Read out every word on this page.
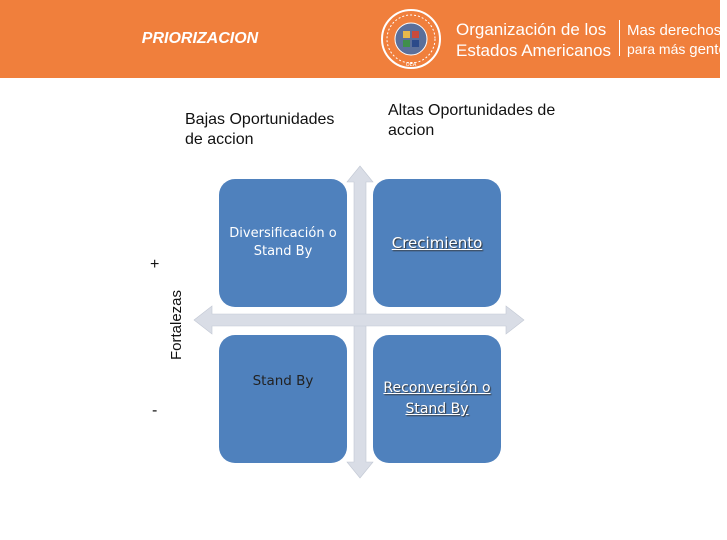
PRIORIZACION
OEA
Organización de los
Estados Americanos
Mas derechos
para más gente
Bajas Oportunidades de accion
Altas Oportunidades de accion
Fortalezas
+
-
Diversificación o Stand By	Crecimiento
Stand By	Reconversión o Stand By
